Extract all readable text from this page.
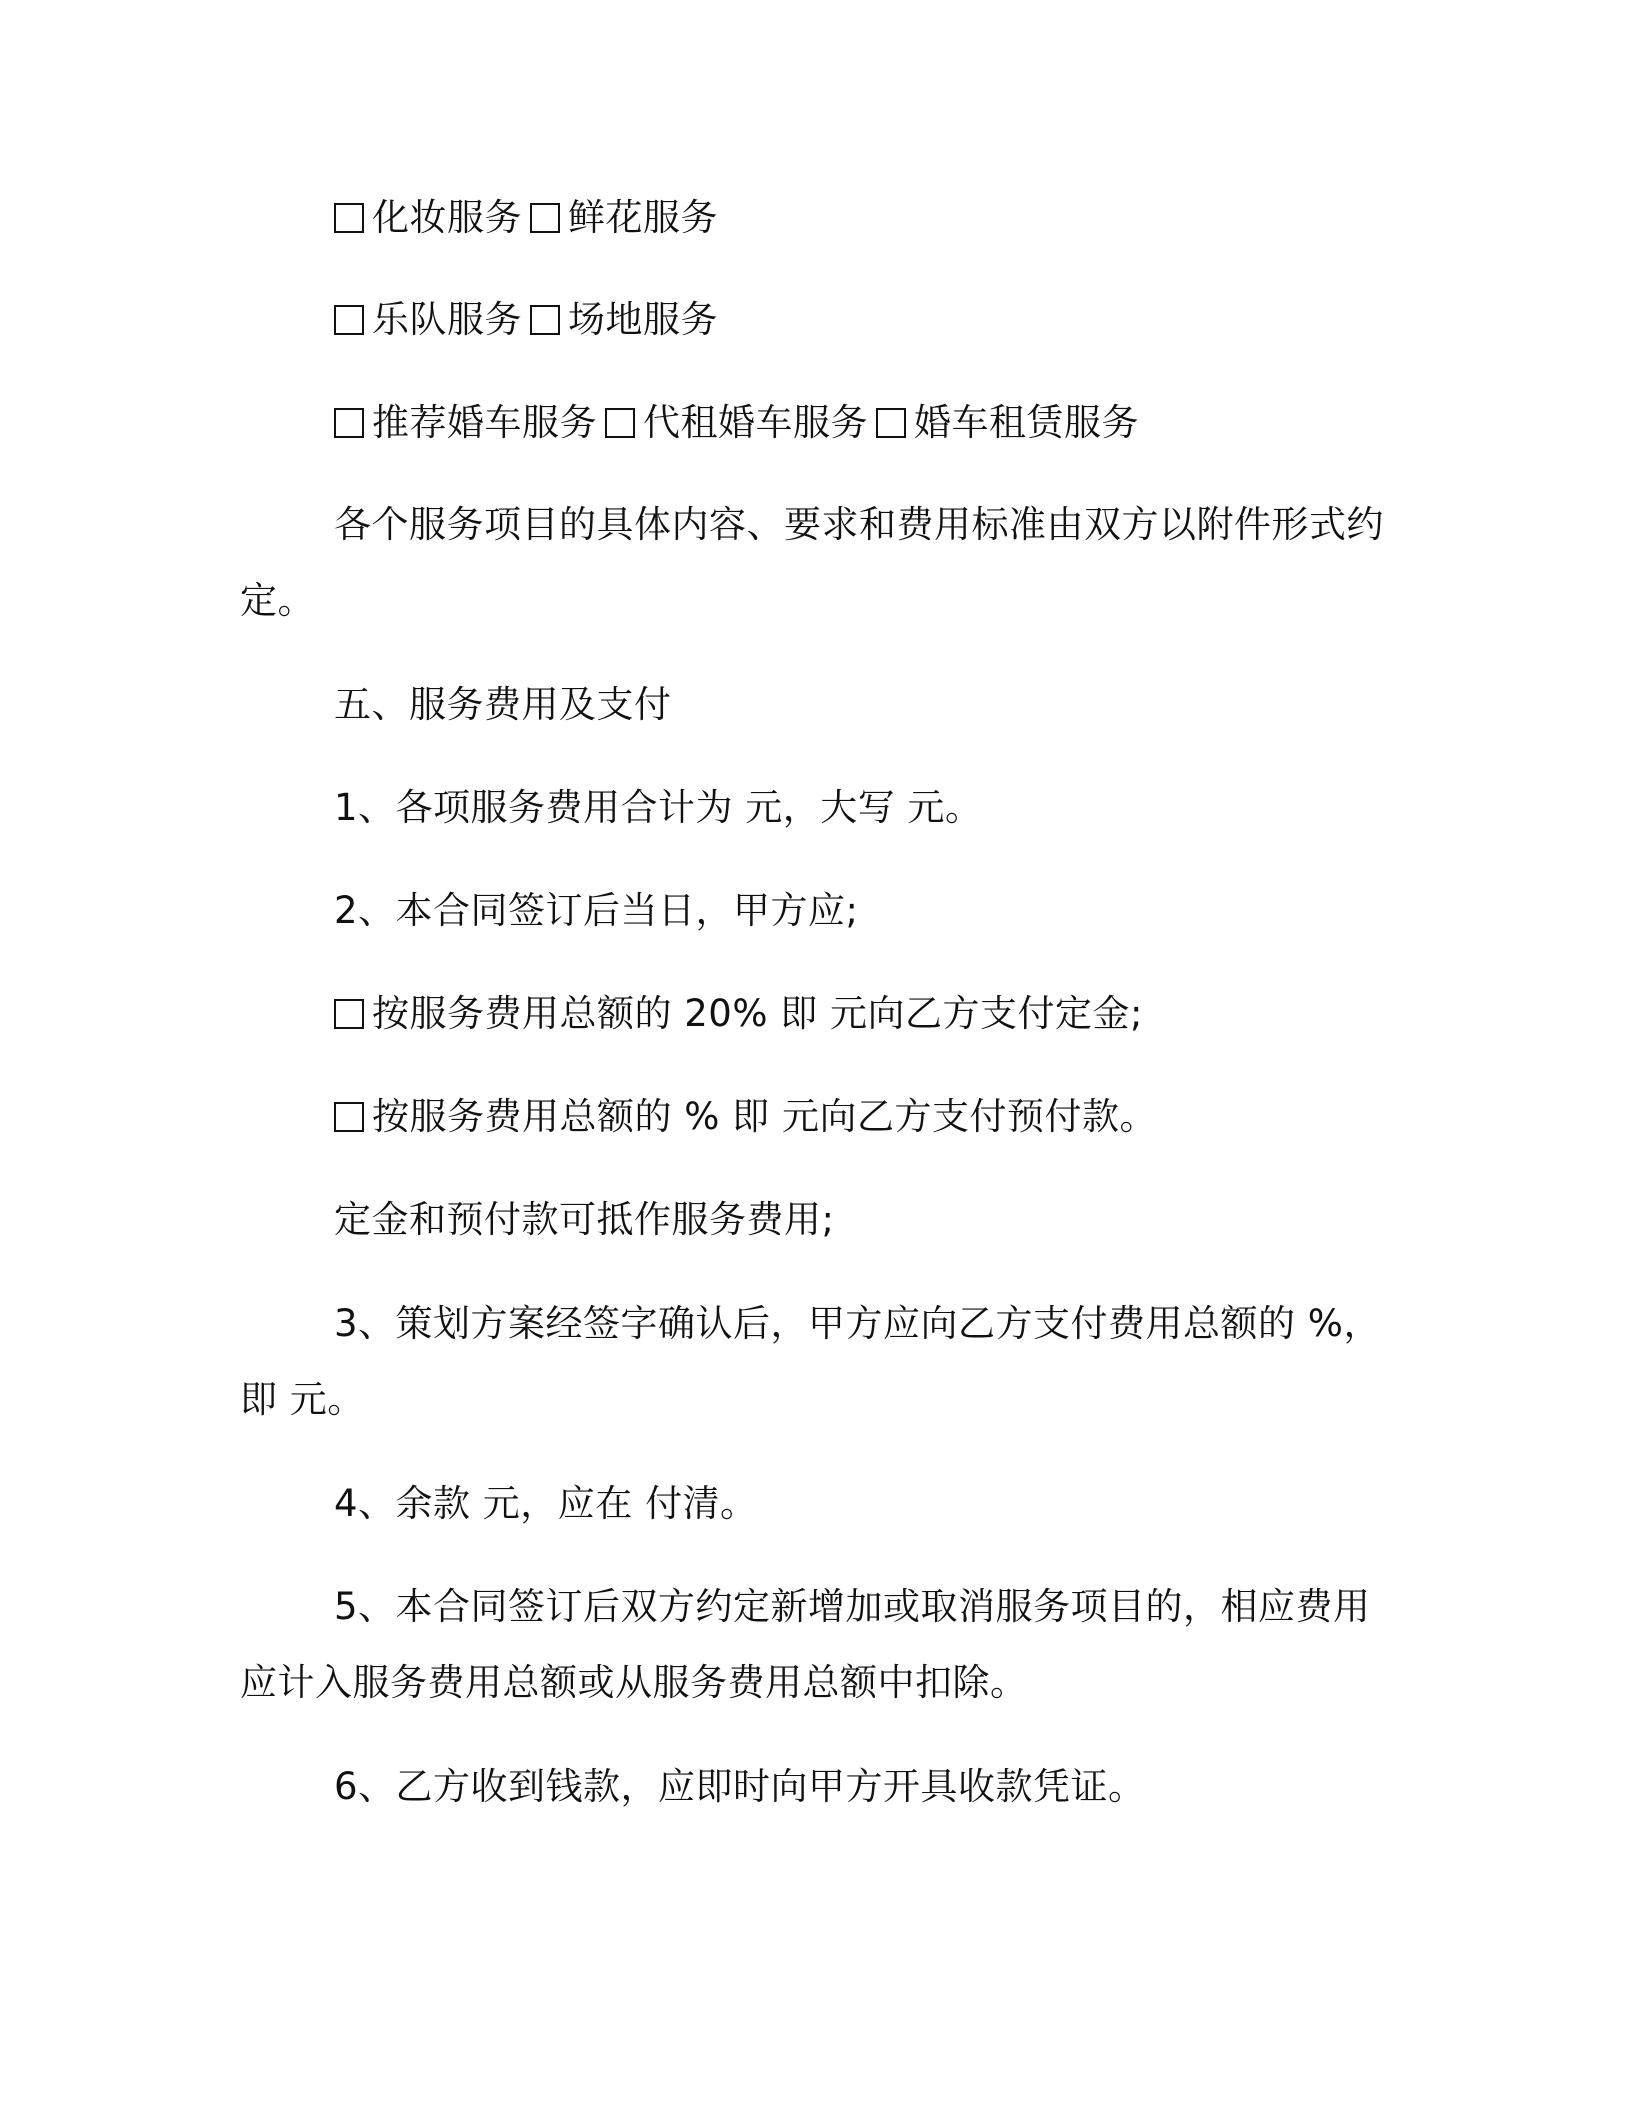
化妆服务 鲜花服务
乐队服务 场地服务
推荐婚车服务 代租婚车服务 婚车租赁服务
各个服务项目的具体内容、要求和费用标准由双方以附件形式约
定。
五、服务费用及支付
1、各项服务费用合计为 元，大写 元。
2、本合同签订后当日，甲方应;
按服务费用总额的 20% 即 元向乙方支付定金;
按服务费用总额的 % 即 元向乙方支付预付款。
定金和预付款可抵作服务费用;
3、策划方案经签字确认后，甲方应向乙方支付费用总额的 %，
即 元。
4、余款 元，应在 付清。
5、本合同签订后双方约定新增加或取消服务项目的，相应费用
应计入服务费用总额或从服务费用总额中扣除。
6、乙方收到钱款，应即时向甲方开具收款凭证。
